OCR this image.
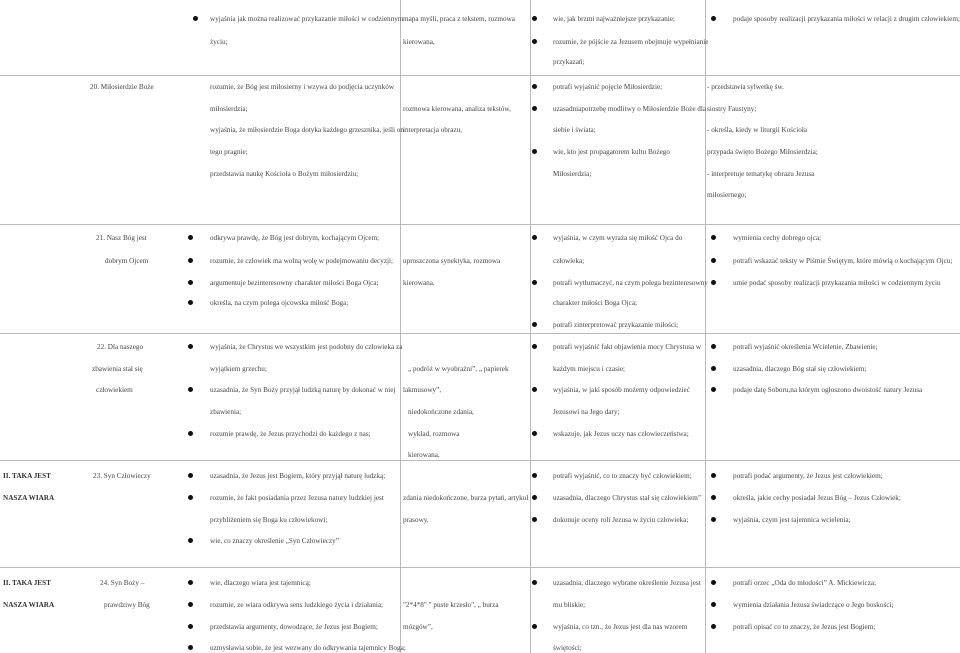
wyjaśnia jak można realizować przykazanie miłości w codziennym
życiu;
mapa myśli, praca z tekstem, rozmowa
kierowana,
wie, jak brzmi najważniejsze przykazanie;
rozumie, że pójście za Jezusem obejmuje wypełnianie
przykazań;
podaje sposoby realizacji przykazania miłości w relacji z drugim człowiekiem;
20. Miłosierdzie Boże	rozumie, że Bóg jest miłosierny i wzywa do podjęcia uczynków
miłosierdzia;
wyjaśnia, że miłosierdzie Boga dotyka każdego grzesznika, jeśli on
tego pragnie;
przedstawia naukę Kościoła o Bożym miłosierdziu;
rozmowa kierowana, analiza tekstów,
interpretacja obrazu,
potrafi wyjaśnić pojęcie Miłosierdzie;
uzasadniapotrzebę modlitwy o Miłosierdzie Boże dla
siebie i świata;
wie, kto jest propagatorem kultu Bożego
Miłosierdzia;
- przedstawia sylwetkę św.
siostry Faustyny;
- określa, kiedy w liturgii Kościoła
przypada święto Bożego Miłosierdzia;
- interpretuje tematykę obrazu Jezusa
miłosiernego;
21. Nasz Bóg jest
dobrym Ojcem
odkrywa prawdę, że Bóg jest dobrym, kochającym Ojcem;
rozumie, że człowiek ma wolną wolę w podejmowaniu decyzji;
argumentuje bezinteresowny charakter miłości Boga Ojca;
określa, na czym polega ojcowska miłość Boga;
uproszczona synektyka, rozmowa
kierowana,
wyjaśnia, w czym wyraża się miłość Ojca do
człowieka;
potrafi wytłumaczyć, na czym polega bezinteresowny
charakter miłości Boga Ojca;
potrafi zinterpretować przykazanie miłości;
wymienia cechy dobrego ojca;
potrafi wskazać teksty w Piśmie Świętym, które mówią o kochającym Ojcu;
umie podać sposoby realizacji przykazania miłości w codziennym życiu
22. Dla naszego
zbawienia stał się
człowiekiem
wyjaśnia, że Chrystus we wszystkim jest podobny do człowieka za
wyjątkiem grzechu;
uzasadnia, że Syn Boży przyjął ludzką naturę by dokonać w niej
zbawienia;
rozumie prawdę, że Jezus przychodzi do każdego z nas;
„ podróż w wyobraźni”, „ papierek
lakmusowy”,
niedokończone zdania,
wykład, rozmowa
kierowana,
potrafi wyjaśnić fakt objawienia mocy Chrystusa w
każdym miejscu i czasie;
wyjaśnia, w jaki sposób możemy odpowiedzieć
Jezusowi na Jego dary;
wskazuje, jak Jezus uczy nas człowieczeństwa;
potrafi wyjaśnić określenia Wcielenie, Zbawienie;
uzasadnia, dlaczego Bóg stał się człowiekiem;
podaje datę Soboru,na którym ogłoszono dwoistość natury Jezusa
II. TAKA JEST
NASZA WIARA
23. Syn Człowieczy	uzasadnia, że Jezus jest Bogiem, który przyjął naturę ludzką;
rozumie, że fakt posiadania przez Jezusa natury ludzkiej jest
przybliżeniem się Boga ku człowiekowi;
wie, co znaczy określenie „Syn Człowieczy”
zdania niedokończone, burza pytań, artykuł
prasowy,
potrafi wyjaśnić, co to znaczy być człowiekiem;
uzasadnia, dlaczego Chrystus stał się człowiekiem”
dokonuje oceny roli Jezusa w życiu człowieka;
potrafi podać argumenty, że Jezus jest człowiekiem;
określa, jakie cechy posiadał Jezus Bóg – Jezus Człowiek;
wyjaśnia, czym jest tajemnica wcielenia;
II. TAKA JEST
NASZA WIARA
24. Syn Boży –
prawdziwy Bóg
wie, dlaczego wiara jest tajemnicą;
rozumie, ze wiara odkrywa sens ludzkiego życia i działania;
przedstawia argumenty, dowodzące, że Jezus jest Bogiem;
uzmysławia sobie, że jest wezwany do odkrywania tajemnicy Boga;
"2*4*8" " puste krzesło", „ burza
mózgów”,
uzasadnia, dlaczego wybrane określenie Jezusa jest
mu bliskie;
wyjaśnia, co tzn., że Jezus jest dla nas wzorem
świętości;
potrafi orzec „Oda do młodości” A. Mickiewicza;
wymienia działania Jezusa świadczące o Jego boskości;
potrafi opisać co to znaczy, że Jezus jest Bogiem;
